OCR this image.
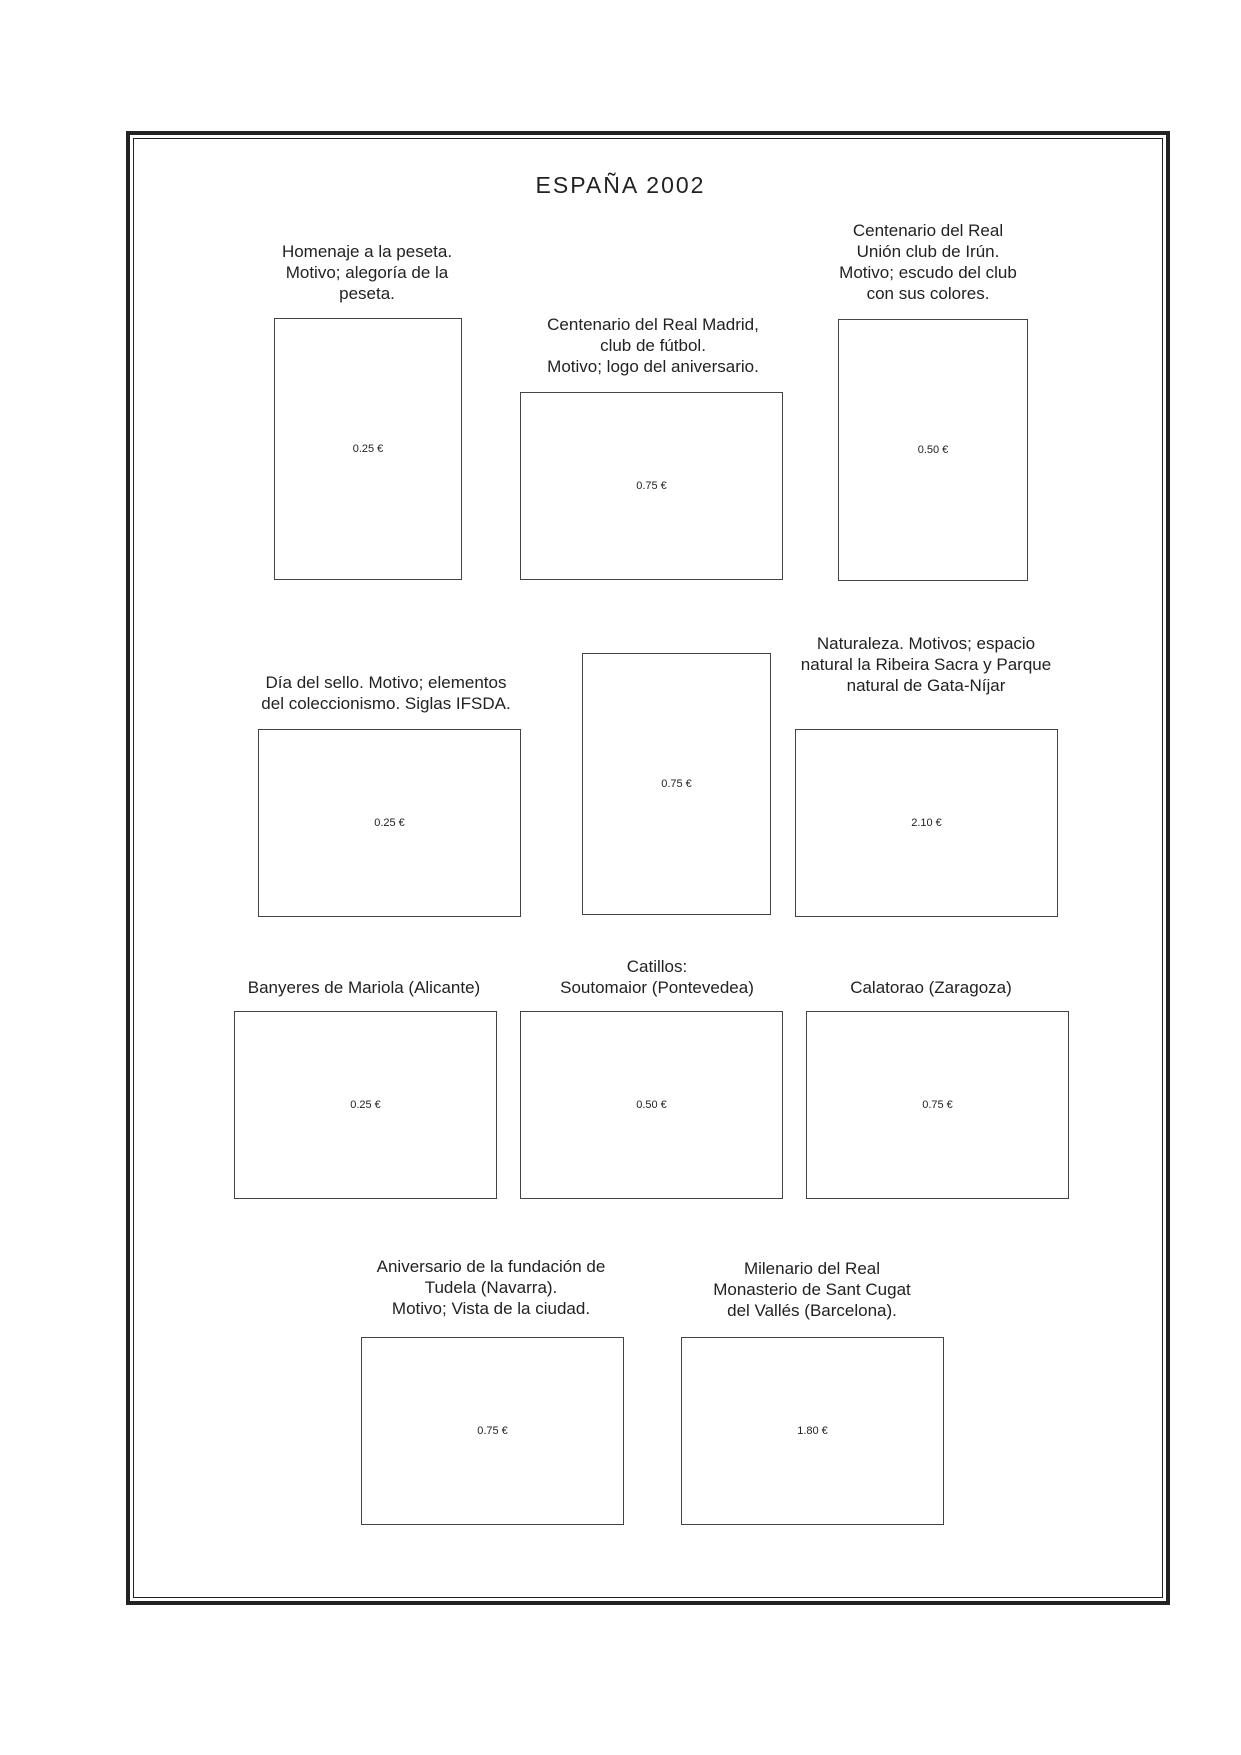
ESPAÑA 2002
Homenaje a la peseta.
Motivo; alegoría de la
peseta.
0.25 €
Centenario del Real Madrid,
club de fútbol.
Motivo; logo del aniversario.
0.75 €
Centenario del Real
Unión club de Irún.
Motivo; escudo del club
con sus colores.
0.50 €
Día del sello. Motivo; elementos
del coleccionismo. Siglas IFSDA.
0.25 €
0.75 €
Naturaleza. Motivos; espacio
natural la Ribeira Sacra y Parque
natural de Gata-Níjar
2.10 €
Banyeres de Mariola (Alicante)
0.25 €
Catillos:
Soutomaior (Pontevedea)
0.50 €
Calatorao (Zaragoza)
0.75 €
Aniversario de la fundación de
Tudela (Navarra).
Motivo; Vista de la ciudad.
0.75 €
Milenario del Real
Monasterio de Sant Cugat
del Vallés (Barcelona).
1.80 €
